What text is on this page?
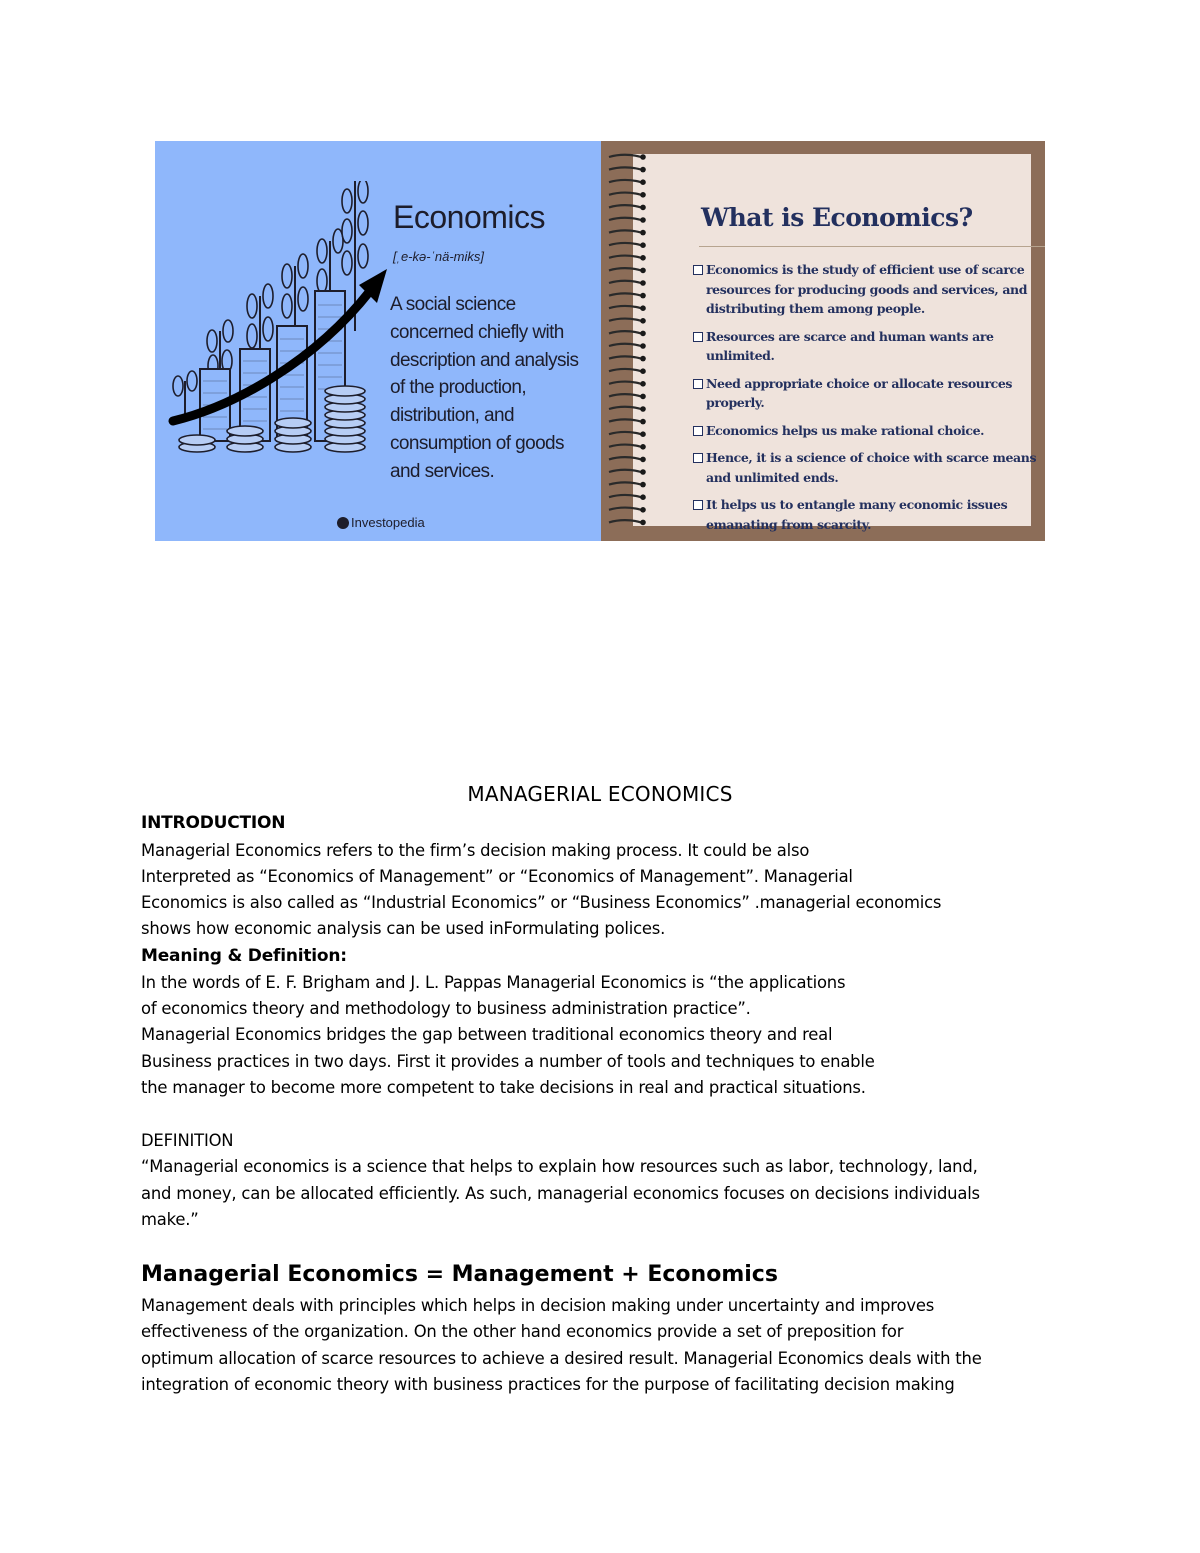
Economics
[ˌe-kə-ˈnä-miks]
A social science concerned chiefly with description and analysis of the production, distribution, and consumption of goods and services.
Investopedia
What is Economics?
Economics is the study of efficient use of scarce resources for producing goods and services, and distributing them among people.
Resources are scarce and human wants are unlimited.
Need appropriate choice or allocate resources properly.
Economics helps us make rational choice.
Hence, it is a science of choice with scarce means and unlimited ends.
It helps us to entangle many economic issues emanating from scarcity.
MANAGERIAL ECONOMICS
INTRODUCTION
Managerial Economics refers to the firm’s decision making process. It could be also
Interpreted as “Economics of Management” or “Economics of Management”. Managerial
Economics is also called as “Industrial Economics” or “Business Economics” .managerial economics
shows how economic analysis can be used inFormulating polices.
Meaning & Definition:
In the words of E. F. Brigham and J. L. Pappas Managerial Economics is “the applications
of economics theory and methodology to business administration practice”.
Managerial Economics bridges the gap between traditional economics theory and real
Business practices in two days. First it provides a number of tools and techniques to enable
the manager to become more competent to take decisions in real and practical situations.
DEFINITION
“Managerial economics is a science that helps to explain how resources such as labor, technology, land,
and money, can be allocated efficiently. As such, managerial economics focuses on decisions individuals
make.”
Managerial Economics = Management + Economics
Management deals with principles which helps in decision making under uncertainty and improves
effectiveness of the organization. On the other hand economics provide a set of preposition for
optimum allocation of scarce resources to achieve a desired result. Managerial Economics deals with the
integration of economic theory with business practices for the purpose of facilitating decision making
